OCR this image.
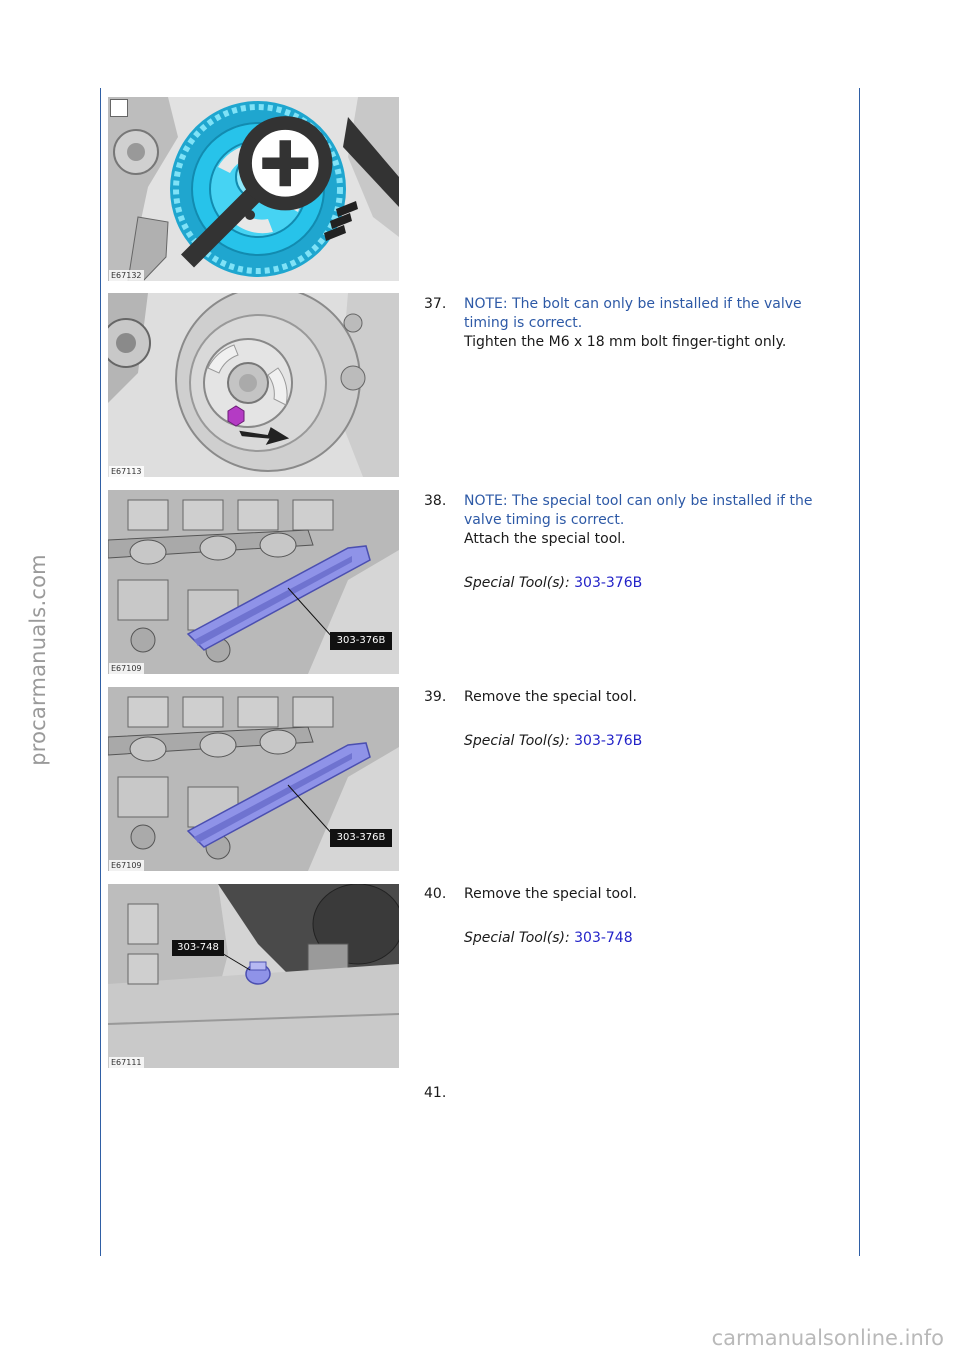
procarmanuals.com
carmanualsonline.info
E67132
E67113
E67109
303-376B
E67109
303-376B
E67111
303-748
37. NOTE: The bolt can only be installed if the valve timing is correct.
Tighten the M6 x 18 mm bolt finger-tight only.
38. NOTE: The special tool can only be installed if the valve timing is correct.
Attach the special tool.
Special Tool(s): 303-376B
39. Remove the special tool.
Special Tool(s): 303-376B
40. Remove the special tool.
Special Tool(s): 303-748
41.
